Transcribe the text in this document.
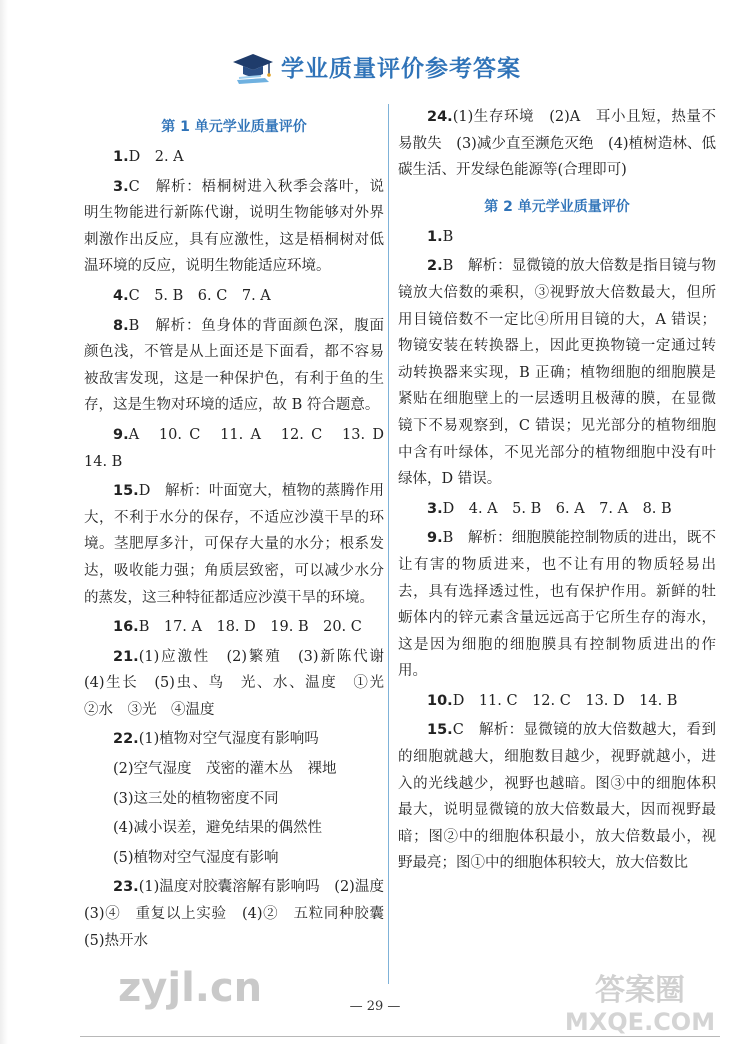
学业质量评价参考答案
第 1 单元学业质量评价

1.D　2. A

3.C　解析：梧桐树进入秋季会落叶，说明生物能进行新陈代谢，说明生物能够对外界刺激作出反应，具有应激性，这是梧桐树对低温环境的反应，说明生物能适应环境。

4.C　5. B　6. C　7. A

8.B　解析：鱼身体的背面颜色深，腹面颜色浅，不管是从上面还是下面看，都不容易被敌害发现，这是一种保护色，有利于鱼的生存，这是生物对环境的适应，故 B 符合题意。

9.A　10. C　11. A　12. C　13. D　14. B

15.D　解析：叶面宽大，植物的蒸腾作用大，不利于水分的保存，不适应沙漠干旱的环境。茎肥厚多汁，可保存大量的水分；根系发达，吸收能力强；角质层致密，可以减少水分的蒸发，这三种特征都适应沙漠干旱的环境。

16.B　17. A　18. D　19. B　20. C

21.(1)应激性　(2)繁殖　(3)新陈代谢　(4)生长　(5)虫、鸟　光、水、温度　①光　②水　③光　④温度

22.(1)植物对空气湿度有影响吗

(2)空气湿度　茂密的灌木丛　裸地

(3)这三处的植物密度不同

(4)减小误差，避免结果的偶然性

(5)植物对空气湿度有影响

23.(1)温度对胶囊溶解有影响吗　(2)温度　(3)④　重复以上实验　(4)②　五粒同种胶囊　(5)热开水

24.(1)生存环境　(2)A　耳小且短，热量不易散失　(3)减少直至濒危灭绝　(4)植树造林、低碳生活、开发绿色能源等(合理即可)

第 2 单元学业质量评价

1.B

2.B　解析：显微镜的放大倍数是指目镜与物镜放大倍数的乘积，③视野放大倍数最大，但所用目镜倍数不一定比④所用目镜的大，A 错误；物镜安装在转换器上，因此更换物镜一定通过转动转换器来实现，B 正确；植物细胞的细胞膜是紧贴在细胞壁上的一层透明且极薄的膜，在显微镜下不易观察到，C 错误；见光部分的植物细胞中含有叶绿体，不见光部分的植物细胞中没有叶绿体，D 错误。

3.D　4. A　5. B　6. A　7. A　8. B

9.B　解析：细胞膜能控制物质的进出，既不让有害的物质进来，也不让有用的物质轻易出去，具有选择透过性，也有保护作用。新鲜的牡蛎体内的锌元素含量远远高于它所生存的海水，这是因为细胞的细胞膜具有控制物质进出的作用。

10.D　11. C　12. C　13. D　14. B

15.C　解析：显微镜的放大倍数越大，看到的细胞就越大，细胞数目越少，视野就越小，进入的光线越少，视野也越暗。图③中的细胞体积最大，说明显微镜的放大倍数最大，因而视野最暗；图②中的细胞体积最小，放大倍数最小，视野最亮；图①中的细胞体积较大，放大倍数比

zyjl.cn	答案圈
MXQE.COM
— 29 —
